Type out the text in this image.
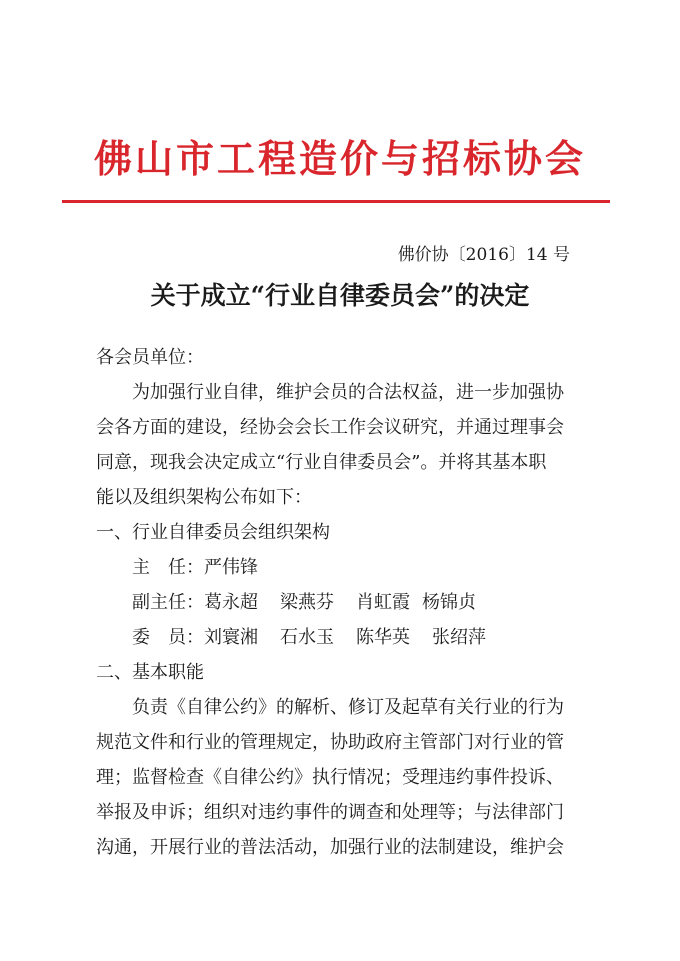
佛山市工程造价与招标协会
佛价协〔2016〕14 号
关于成立“行业自律委员会”的决定
各会员单位：
为加强行业自律，维护会员的合法权益，进一步加强协
会各方面的建设，经协会会长工作会议研究，并通过理事会
同意，现我会决定成立“行业自律委员会”。并将其基本职
能以及组织架构公布如下：
一、行业自律委员会组织架构
主　任：严伟锋
副主任：葛永超 梁燕芬 肖虹霞 杨锦贞
委　员：刘寰湘 石水玉 陈华英 张绍萍
二、基本职能
负责《自律公约》的解析、修订及起草有关行业的行为
规范文件和行业的管理规定，协助政府主管部门对行业的管
理；监督检查《自律公约》执行情况；受理违约事件投诉、
举报及申诉；组织对违约事件的调查和处理等；与法律部门
沟通，开展行业的普法活动，加强行业的法制建设，维护会
